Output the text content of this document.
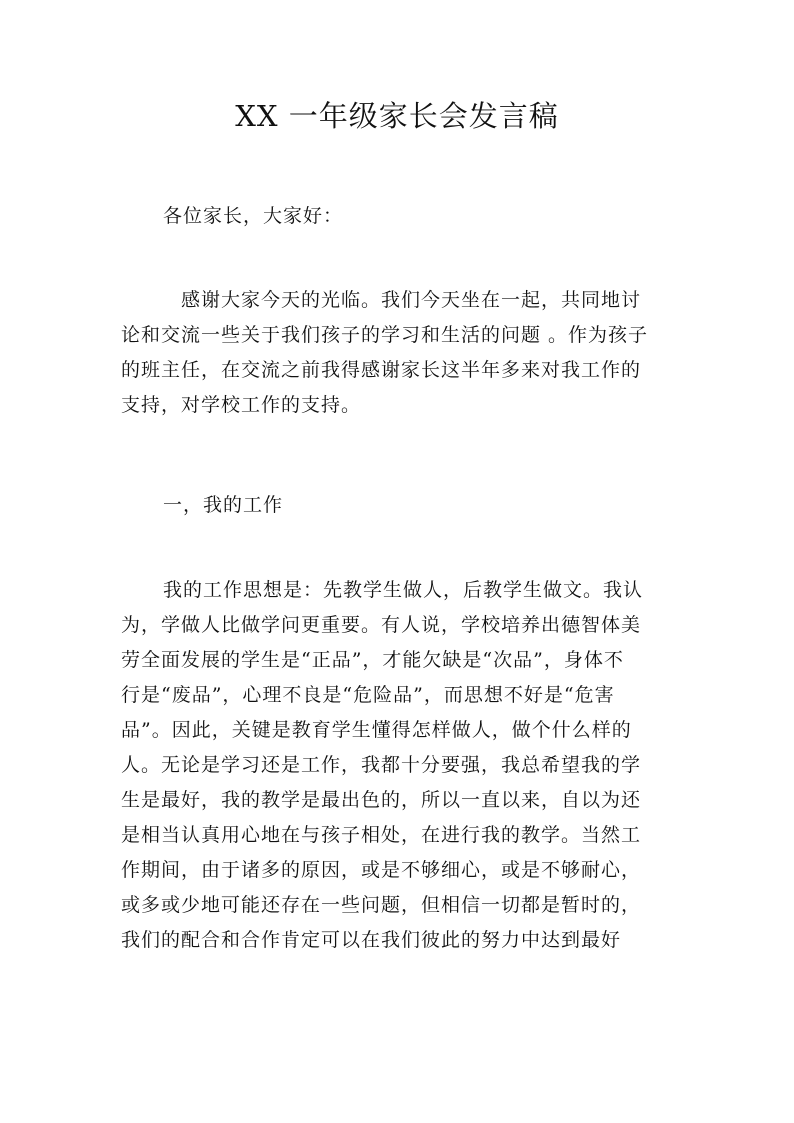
XX 一年级家长会发言稿
各位家长，大家好：
感谢大家今天的光临。我们今天坐在一起，共同地讨
论和交流一些关于我们孩子的学习和生活的问题 。作为孩子
的班主任，在交流之前我得感谢家长这半年多来对我工作的
支持，对学校工作的支持。
一，我的工作
我的工作思想是：先教学生做人，后教学生做文。我认
为，学做人比做学问更重要。有人说，学校培养出德智体美
劳全面发展的学生是“正品”，才能欠缺是“次品”，身体不
行是“废品”，心理不良是“危险品”，而思想不好是“危害
品”。因此，关键是教育学生懂得怎样做人，做个什么样的
人。无论是学习还是工作，我都十分要强，我总希望我的学
生是最好，我的教学是最出色的，所以一直以来，自以为还
是相当认真用心地在与孩子相处，在进行我的教学。当然工
作期间，由于诸多的原因，或是不够细心，或是不够耐心，
或多或少地可能还存在一些问题，但相信一切都是暂时的，
我们的配合和合作肯定可以在我们彼此的努力中达到最好
